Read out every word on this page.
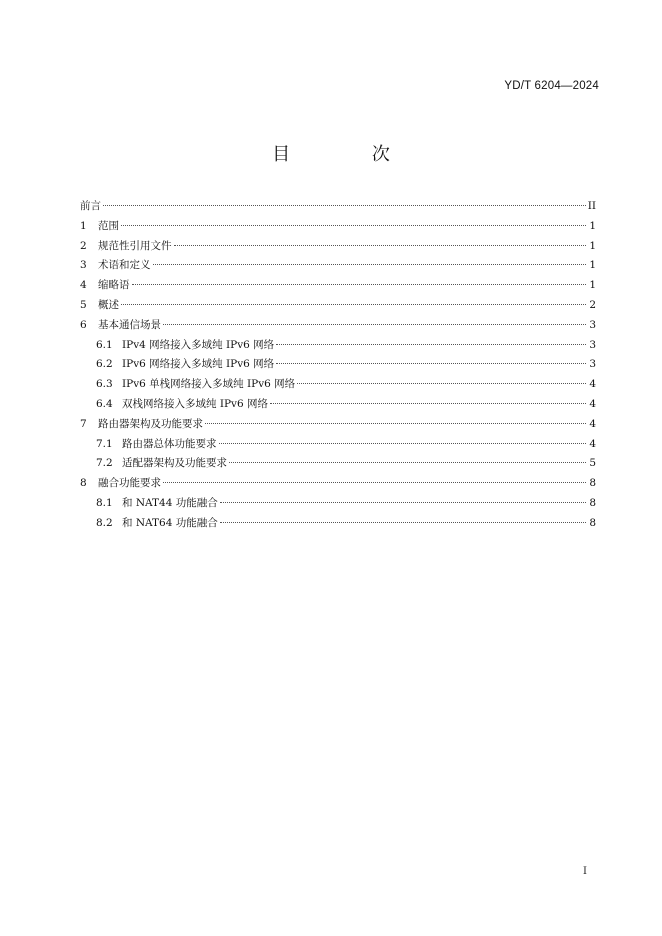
YD/T 6204—2024
目 次
前言	II
1	范围	1
2	规范性引用文件	1
3	术语和定义	1
4	缩略语	1
5	概述	2
6	基本通信场景	3
6.1 IPv4 网络接入多域纯 IPv6 网络	3
6.2 IPv6 网络接入多域纯 IPv6 网络	3
6.3 IPv6 单栈网络接入多域纯 IPv6 网络	4
6.4 双栈网络接入多域纯 IPv6 网络	4
7	路由器架构及功能要求	4
7.1 路由器总体功能要求	4
7.2 适配器架构及功能要求	5
8	融合功能要求	8
8.1 和 NAT44 功能融合	8
8.2 和 NAT64 功能融合	8
I
